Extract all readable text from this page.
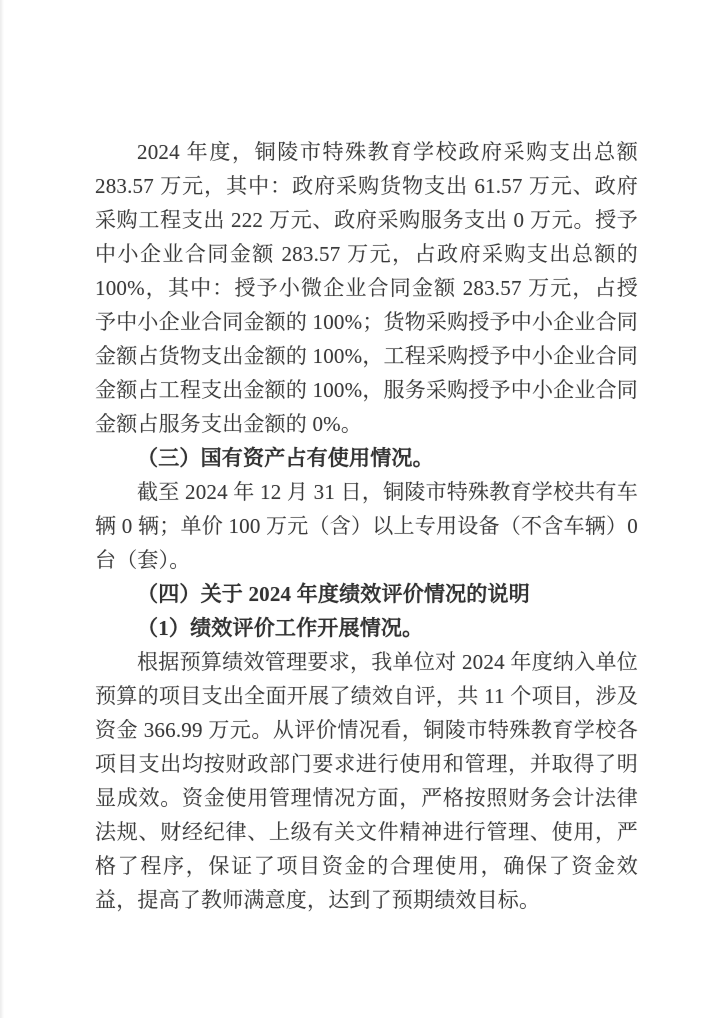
2024 年度，铜陵市特殊教育学校政府采购支出总额 283.57 万元，其中：政府采购货物支出 61.57 万元、政府采购工程支出 222 万元、政府采购服务支出 0 万元。授予中小企业合同金额 283.57 万元，占政府采购支出总额的 100%，其中：授予小微企业合同金额 283.57 万元，占授予中小企业合同金额的 100%；货物采购授予中小企业合同金额占货物支出金额的 100%，工程采购授予中小企业合同金额占工程支出金额的 100%，服务采购授予中小企业合同金额占服务支出金额的 0%。

（三）国有资产占有使用情况。

截至 2024 年 12 月 31 日，铜陵市特殊教育学校共有车辆 0 辆；单价 100 万元（含）以上专用设备（不含车辆）0 台（套）。

（四）关于 2024 年度绩效评价情况的说明

（1）绩效评价工作开展情况。

根据预算绩效管理要求，我单位对 2024 年度纳入单位预算的项目支出全面开展了绩效自评，共 11 个项目，涉及资金 366.99 万元。从评价情况看，铜陵市特殊教育学校各项目支出均按财政部门要求进行使用和管理，并取得了明显成效。资金使用管理情况方面，严格按照财务会计法律法规、财经纪律、上级有关文件精神进行管理、使用，严格了程序，保证了项目资金的合理使用，确保了资金效益，提高了教师满意度，达到了预期绩效目标。
